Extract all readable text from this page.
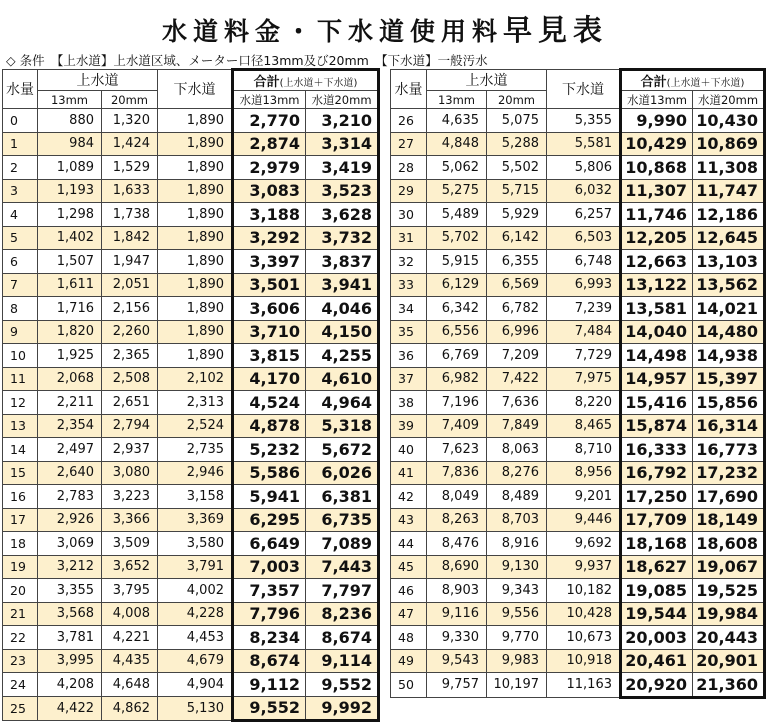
水道料金・下水道使用料早見表
◇ 条件　【上水道】上水道区域、メーター口径13mm及び20mm　【下水道】一般汚水
水量	上水道		下水道	合計(上水道＋下水道)	
	13mm	20mm		水道13mm	水道20mm
0	880	1,320	1,890	2,770	3,210
1	984	1,424	1,890	2,874	3,314
2	1,089	1,529	1,890	2,979	3,419
3	1,193	1,633	1,890	3,083	3,523
4	1,298	1,738	1,890	3,188	3,628
5	1,402	1,842	1,890	3,292	3,732
6	1,507	1,947	1,890	3,397	3,837
7	1,611	2,051	1,890	3,501	3,941
8	1,716	2,156	1,890	3,606	4,046
9	1,820	2,260	1,890	3,710	4,150
10	1,925	2,365	1,890	3,815	4,255
11	2,068	2,508	2,102	4,170	4,610
12	2,211	2,651	2,313	4,524	4,964
13	2,354	2,794	2,524	4,878	5,318
14	2,497	2,937	2,735	5,232	5,672
15	2,640	3,080	2,946	5,586	6,026
16	2,783	3,223	3,158	5,941	6,381
17	2,926	3,366	3,369	6,295	6,735
18	3,069	3,509	3,580	6,649	7,089
19	3,212	3,652	3,791	7,003	7,443
20	3,355	3,795	4,002	7,357	7,797
21	3,568	4,008	4,228	7,796	8,236
22	3,781	4,221	4,453	8,234	8,674
23	3,995	4,435	4,679	8,674	9,114
24	4,208	4,648	4,904	9,112	9,552
25	4,422	4,862	5,130	9,552	9,992
水量	上水道		下水道	合計(上水道＋下水道)	
	13mm	20mm		水道13mm	水道20mm
26	4,635	5,075	5,355	9,990	10,430
27	4,848	5,288	5,581	10,429	10,869
28	5,062	5,502	5,806	10,868	11,308
29	5,275	5,715	6,032	11,307	11,747
30	5,489	5,929	6,257	11,746	12,186
31	5,702	6,142	6,503	12,205	12,645
32	5,915	6,355	6,748	12,663	13,103
33	6,129	6,569	6,993	13,122	13,562
34	6,342	6,782	7,239	13,581	14,021
35	6,556	6,996	7,484	14,040	14,480
36	6,769	7,209	7,729	14,498	14,938
37	6,982	7,422	7,975	14,957	15,397
38	7,196	7,636	8,220	15,416	15,856
39	7,409	7,849	8,465	15,874	16,314
40	7,623	8,063	8,710	16,333	16,773
41	7,836	8,276	8,956	16,792	17,232
42	8,049	8,489	9,201	17,250	17,690
43	8,263	8,703	9,446	17,709	18,149
44	8,476	8,916	9,692	18,168	18,608
45	8,690	9,130	9,937	18,627	19,067
46	8,903	9,343	10,182	19,085	19,525
47	9,116	9,556	10,428	19,544	19,984
48	9,330	9,770	10,673	20,003	20,443
49	9,543	9,983	10,918	20,461	20,901
50	9,757	10,197	11,163	20,920	21,360
